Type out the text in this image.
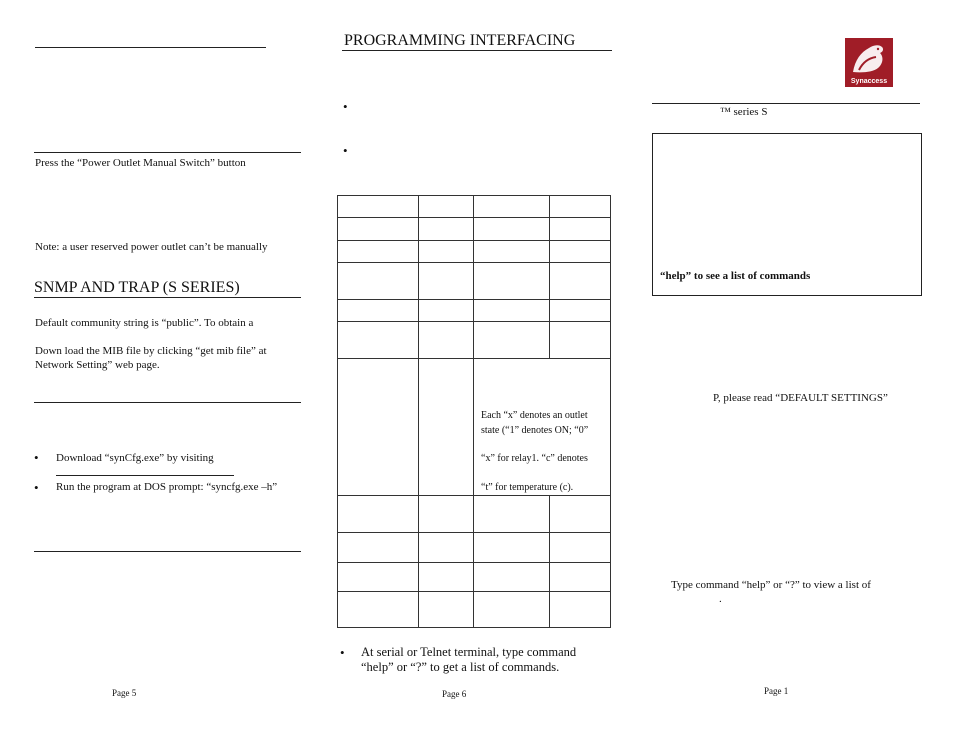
Press the “Power Outlet Manual Switch” button
Note: a user reserved power outlet can’t be manually
SNMP AND TRAP (S SERIES)
Default community string is “public”. To obtain a
Down load the MIB file by clicking “get mib file” at
Network Setting” web page.
• Download “synCfg.exe” by visiting
• Run the program at DOS prompt: “syncfg.exe –h”
Page 5
PROGRAMMING INTERFACING
•
•
Each “x” denotes an outlet
state (“1” denotes ON; “0”
“x” for relay1. “c” denotes
“t” for temperature (c).
• At serial or Telnet terminal, type command
“help” or “?” to get a list of commands.
Page 6
Synaccess
™ series S
“help” to see a list of commands
P, please read “DEFAULT SETTINGS”
Type command “help” or “?” to view a list of
.
Page 1
